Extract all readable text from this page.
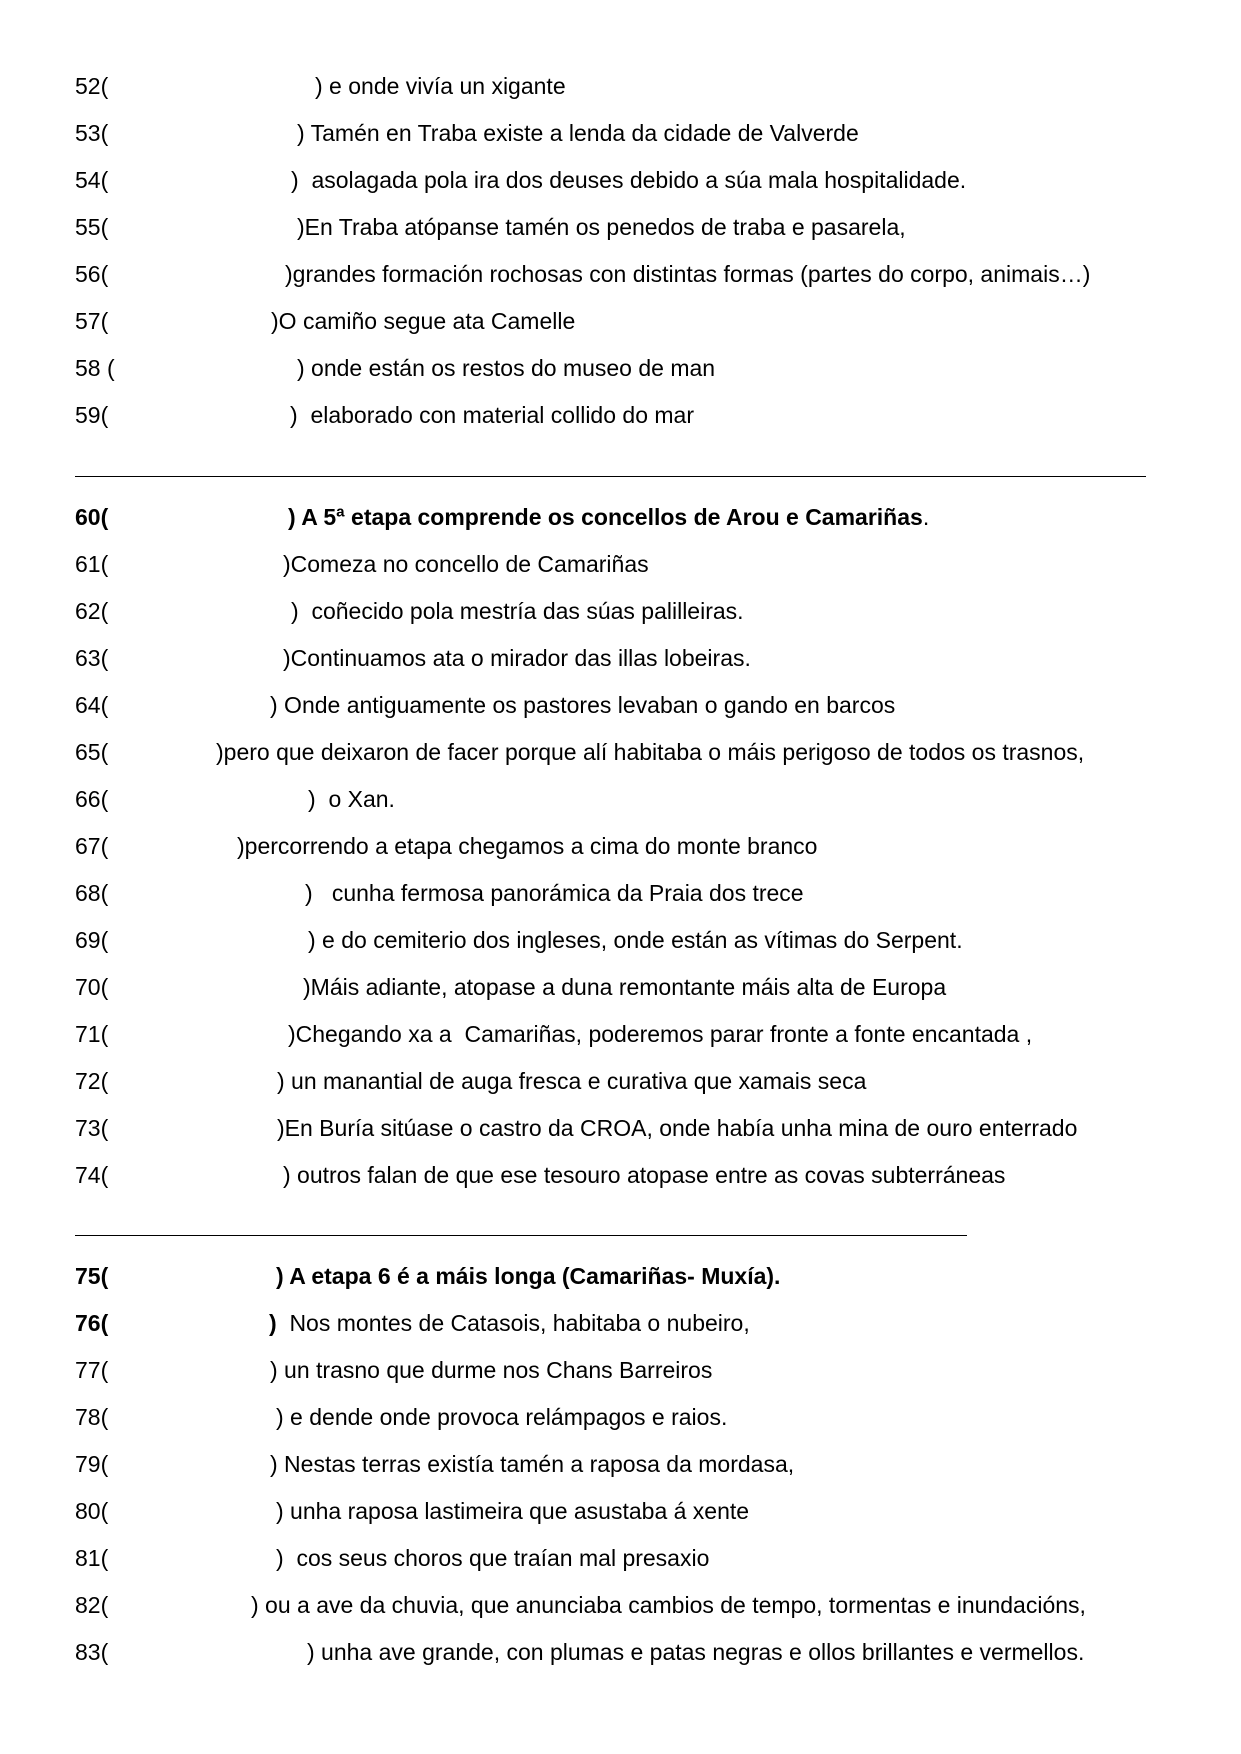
52(

	) e onde vivía un xigante

53(

	) Tamén en Traba existe a lenda da cidade de Valverde

54(

	)  asolagada pola ira dos deuses debido a súa mala hospitalidade.

55(

	)En Traba atópanse tamén os penedos de traba e pasarela,

56(

	)grandes formación rochosas con distintas formas (partes do corpo, animais…)

57(

	)O camiño segue ata Camelle

58 (

	) onde están os restos do museo de man

59(

	)  elaborado con material collido do mar

60(

	) A 5ª etapa comprende os concellos de Arou e Camariñas.

61(

	)Comeza no concello de Camariñas

62(

	)  coñecido pola mestría das súas palilleiras.

63(

	)Continuamos ata o mirador das illas lobeiras.

64(

	) Onde antiguamente os pastores levaban o gando en barcos

65(

	)pero que deixaron de facer porque alí habitaba o máis perigoso de todos os trasnos,

66(

	)  o Xan.

67(

	)percorrendo a etapa chegamos a cima do monte branco

68(

	)   cunha fermosa panorámica da Praia dos trece

69(

	) e do cemiterio dos ingleses, onde están as vítimas do Serpent.

70(

	)Máis adiante, atopase a duna remontante máis alta de Europa

71(

	)Chegando xa a  Camariñas, poderemos parar fronte a fonte encantada ,

72(

	) un manantial de auga fresca e curativa que xamais seca

73(

	)En Buría sitúase o castro da CROA, onde había unha mina de ouro enterrado

74(

	) outros falan de que ese tesouro atopase entre as covas subterráneas

75(

	) A etapa 6 é a máis longa (Camariñas- Muxía).

76(

	)  Nos montes de Catasois, habitaba o nubeiro,

77(

	) un trasno que durme nos Chans Barreiros

78(

	) e dende onde provoca relámpagos e raios.

79(

	) Nestas terras existía tamén a raposa da mordasa,

80(

	) unha raposa lastimeira que asustaba á xente

81(

	)  cos seus choros que traían mal presaxio

82(

	) ou a ave da chuvia, que anunciaba cambios de tempo, tormentas e inundacións,

83(

	) unha ave grande, con plumas e patas negras e ollos brillantes e vermellos.
